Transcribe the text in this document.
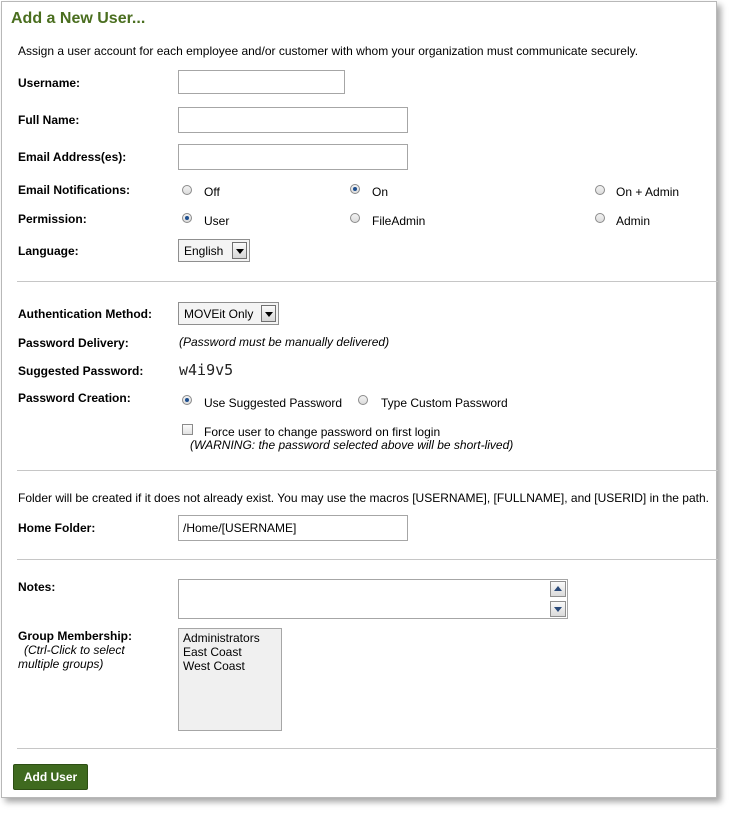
Add a New User...
Assign a user account for each employee and/or customer with whom your organization must communicate securely.
Username:
Full Name:
Email Address(es):
Email Notifications:	Off	On	On + Admin
Permission:	User	FileAdmin	Admin
Language:	English
Authentication Method:	MOVEit Only
Password Delivery:	(Password must be manually delivered)
Suggested Password: w4i9v5
Password Creation:	Use Suggested Password	Type Custom Password
Force user to change password on first login
(WARNING: the password selected above will be short-lived)
Folder will be created if it does not already exist. You may use the macros [USERNAME], [FULLNAME], and [USERID] in the path.
Home Folder:
/Home/[USERNAME]
Notes:
Group Membership:
(Ctrl-Click to select
multiple groups)
Administrators
East Coast
West Coast
Add User
